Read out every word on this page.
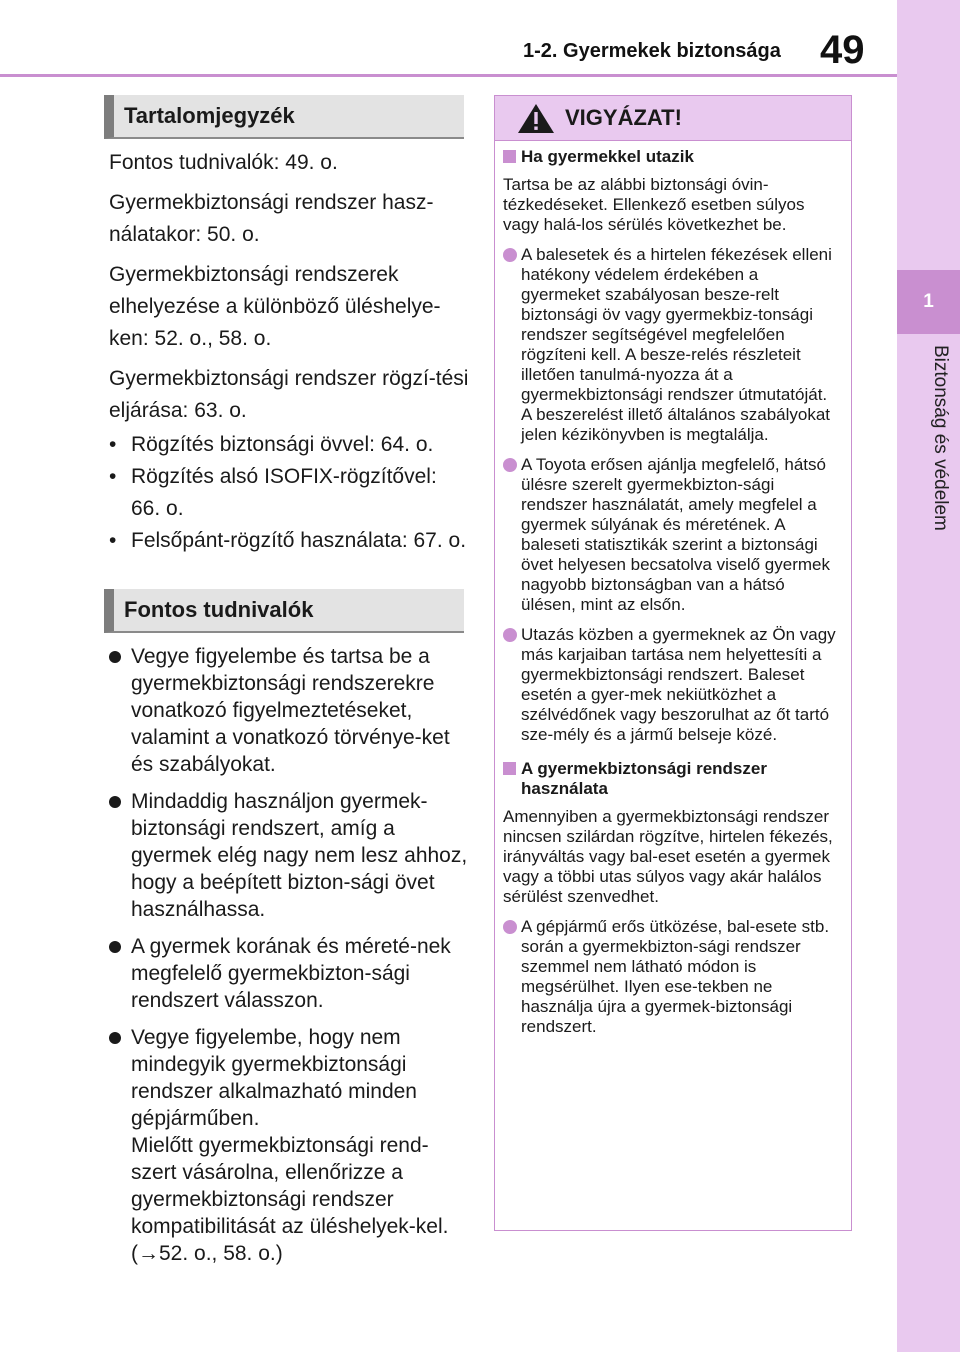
1-2. Gyermekek biztonsága 49
1
Biztonság és védelem
Tartalomjegyzék

Fontos tudnivalók: 49. o.

Gyermekbiztonsági rendszer hasz-nálatakor: 50. o.

Gyermekbiztonsági rendszerek elhelyezése a különböző üléshelye-ken: 52. o., 58. o.

Gyermekbiztonsági rendszer rögzí-tési eljárása: 63. o.

• Rögzítés biztonsági övvel: 64. o.

• Rögzítés alsó ISOFIX-rögzítővel: 66. o.

• Felsőpánt-rögzítő használata: 67. o.

Fontos tudnivalók
Vegye figyelembe és tartsa be a gyermekbiztonsági rendszerekre vonatkozó figyelmeztetéseket, valamint a vonatkozó törvénye-ket és szabályokat.
Mindaddig használjon gyermek-biztonsági rendszert, amíg a gyermek elég nagy nem lesz ahhoz, hogy a beépített bizton-sági övet használhassa.
A gyermek korának és méreté-nek megfelelő gyermekbizton-sági rendszert válasszon.
Vegye figyelembe, hogy nem mindegyik gyermekbiztonsági rendszer alkalmazható minden gépjárműben.
Mielőtt gyermekbiztonsági rend-szert vásárolna, ellenőrizze a gyermekbiztonsági rendszer kompatibilitását az üléshelyek-kel. (→52. o., 58. o.)
VIGYÁZAT!
Ha gyermekkel utazik

Tartsa be az alábbi biztonsági óvin-tézkedéseket. Ellenkező esetben súlyos vagy halá-los sérülés következhet be.

A balesetek és a hirtelen fékezések elleni hatékony védelem érdekében a gyermeket szabályosan besze-relt biztonsági öv vagy gyermekbiz-tonsági rendszer segítségével megfelelően rögzíteni kell. A besze-relés részleteit illetően tanulmá-nyozza át a gyermekbiztonsági rendszer útmutatóját. A beszerelést illető általános szabályokat jelen kézikönyvben is megtalálja.
A Toyota erősen ajánlja megfelelő, hátsó ülésre szerelt gyermekbizton-sági rendszer használatát, amely megfelel a gyermek súlyának és méretének. A baleseti statisztikák szerint a biztonsági övet helyesen becsatolva viselő gyermek nagyobb biztonságban van a hátsó ülésen, mint az elsőn.
Utazás közben a gyermeknek az Ön vagy más karjaiban tartása nem helyettesíti a gyermekbiztonsági rendszert. Baleset esetén a gyer-mek nekiütközhet a szélvédőnek vagy beszorulhat az őt tartó sze-mély és a jármű belseje közé.
A gyermekbiztonsági rendszer használata

Amennyiben a gyermekbiztonsági rendszer nincsen szilárdan rögzítve, hirtelen fékezés, irányváltás vagy bal-eset esetén a gyermek vagy a többi utas súlyos vagy akár halálos sérülést szenvedhet.

A gépjármű erős ütközése, bal-esete stb. során a gyermekbizton-sági rendszer szemmel nem látható módon is megsérülhet. Ilyen ese-tekben ne használja újra a gyermek-biztonsági rendszert.
